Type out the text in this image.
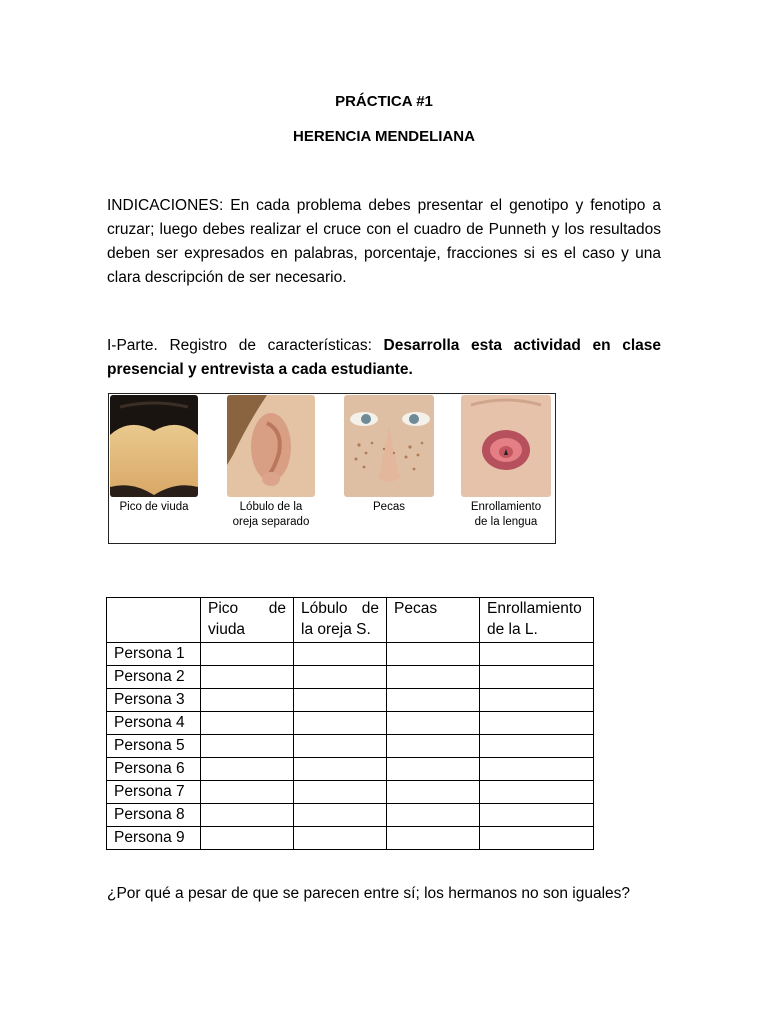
PRÁCTICA #1
HERENCIA MENDELIANA
INDICACIONES: En cada problema debes presentar el genotipo y fenotipo a cruzar; luego debes realizar el cruce con el cuadro de Punneth y los resultados deben ser expresados en palabras, porcentaje, fracciones si es el caso y una clara descripción de ser necesario.
I-Parte. Registro de características: Desarrolla esta actividad en clase presencial y entrevista a cada estudiante.
Pico de viuda	Lóbulo de la
oreja separado
Pecas	Enrollamiento
de la lengua
	Pico de viuda	Lóbulo de la oreja S.	Pecas	Enrollamiento de la L.
Persona 1				
Persona 2				
Persona 3				
Persona 4				
Persona 5				
Persona 6				
Persona 7				
Persona 8				
Persona 9				
¿Por qué a pesar de que se parecen entre sí; los hermanos no son iguales?
